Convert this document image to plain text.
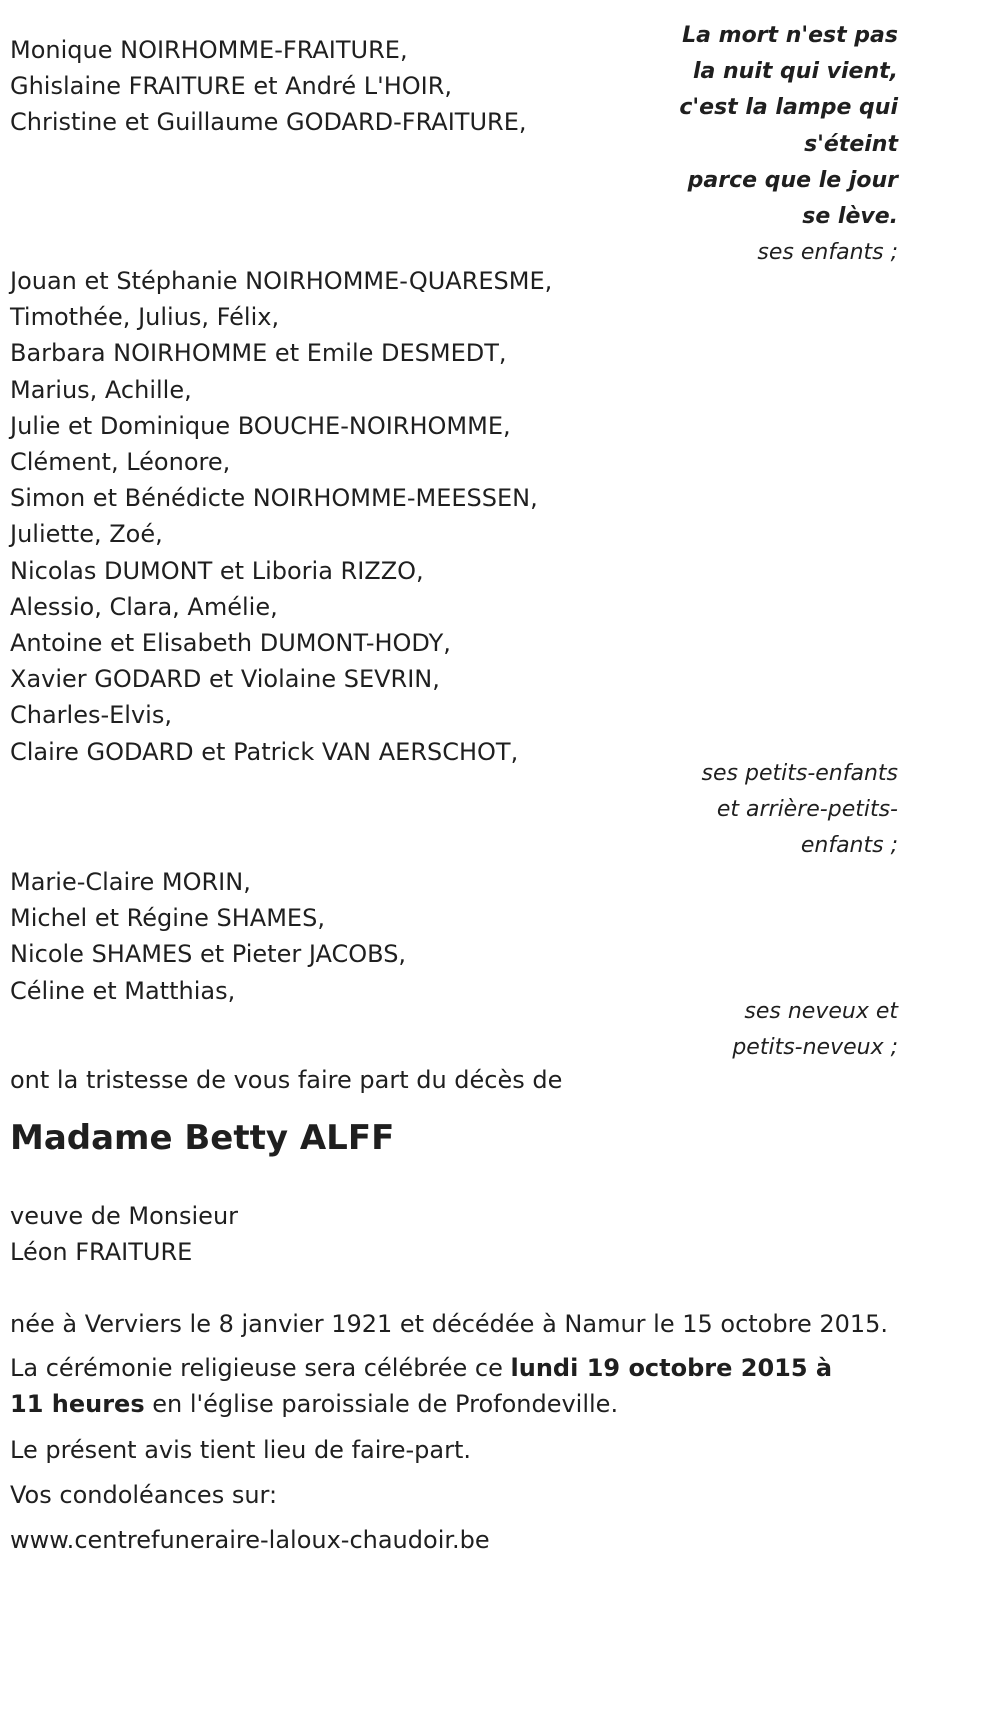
Monique NOIRHOMME-FRAITURE,
Ghislaine FRAITURE et André L'HOIR,
Christine et Guillaume GODARD-FRAITURE,
La mort n'est pas
la nuit qui vient,
c'est la lampe qui
s'éteint
parce que le jour
se lève.
ses enfants ;
Jouan et Stéphanie NOIRHOMME-QUARESME,
Timothée, Julius, Félix,
Barbara NOIRHOMME et Emile DESMEDT,
Marius, Achille,
Julie et Dominique BOUCHE-NOIRHOMME,
Clément, Léonore,
Simon et Bénédicte NOIRHOMME-MEESSEN,
Juliette, Zoé,
Nicolas DUMONT et Liboria RIZZO,
Alessio, Clara, Amélie,
Antoine et Elisabeth DUMONT-HODY,
Xavier GODARD et Violaine SEVRIN,
Charles-Elvis,
Claire GODARD et Patrick VAN AERSCHOT,
ses petits-enfants
et arrière-petits-
enfants ;
Marie-Claire MORIN,
Michel et Régine SHAMES,
Nicole SHAMES et Pieter JACOBS,
Céline et Matthias,
ses neveux et
petits-neveux ;
ont la tristesse de vous faire part du décès de
Madame Betty ALFF
veuve de Monsieur
Léon FRAITURE
née à Verviers le 8 janvier 1921 et décédée à Namur le 15 octobre 2015.
La cérémonie religieuse sera célébrée ce lundi 19 octobre 2015 à 11 heures en l'église paroissiale de Profondeville.
Le présent avis tient lieu de faire-part.
Vos condoléances sur:
www.centrefuneraire-laloux-chaudoir.be
